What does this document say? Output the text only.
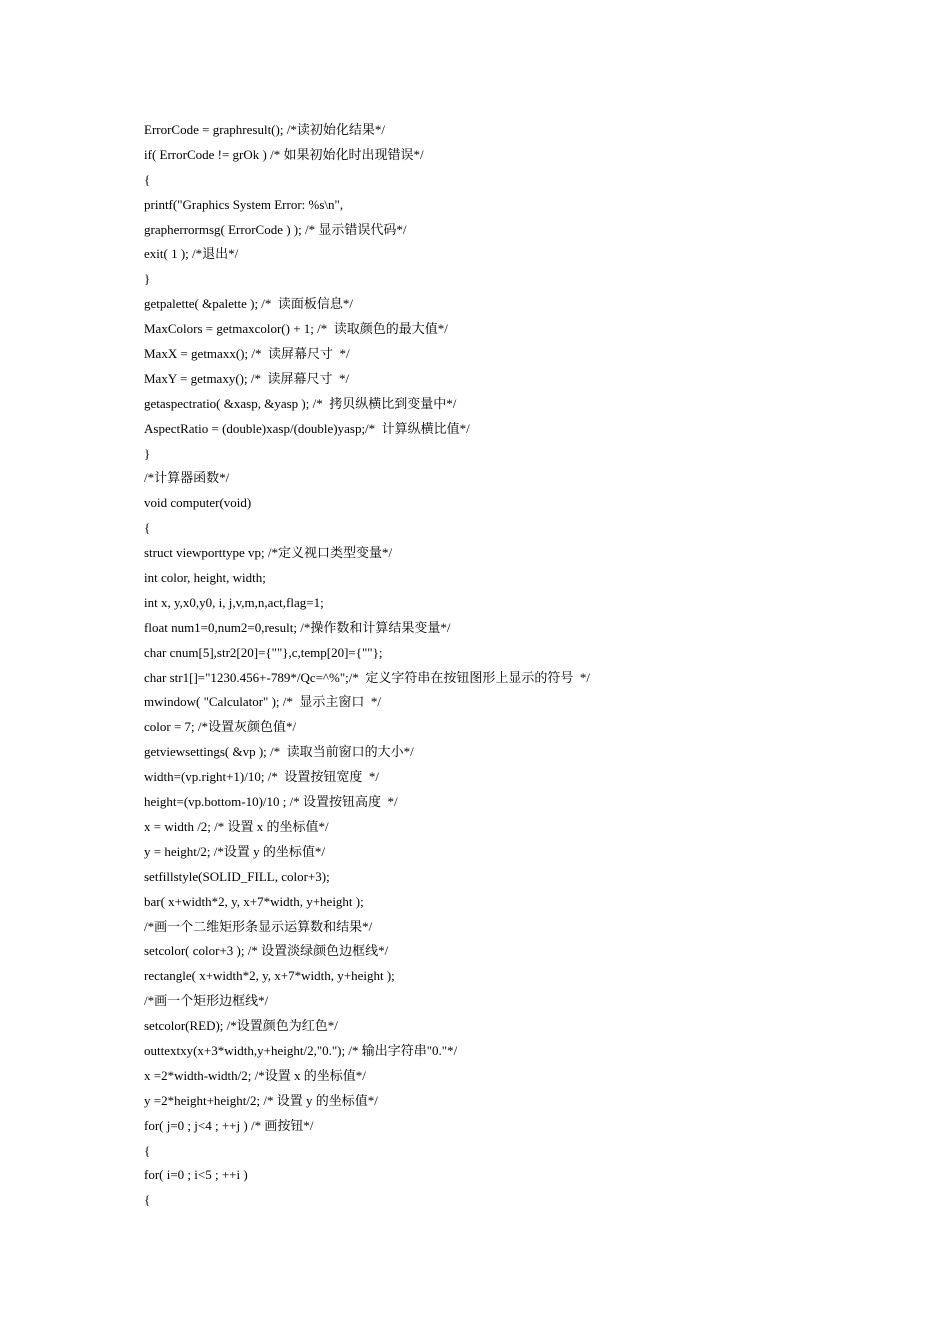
ErrorCode = graphresult(); /*读初始化结果*/
if( ErrorCode != grOk ) /* 如果初始化时出现错误*/
{
printf("Graphics System Error: %s\n",
grapherrormsg( ErrorCode ) ); /* 显示错误代码*/
exit( 1 ); /*退出*/
}
getpalette( &palette ); /*  读面板信息*/
MaxColors = getmaxcolor() + 1; /*  读取颜色的最大值*/
MaxX = getmaxx(); /*  读屏幕尺寸  */
MaxY = getmaxy(); /*  读屏幕尺寸  */
getaspectratio( &xasp, &yasp ); /*  拷贝纵横比到变量中*/
AspectRatio = (double)xasp/(double)yasp;/*  计算纵横比值*/
}
/*计算器函数*/
void computer(void)
{
struct viewporttype vp; /*定义视口类型变量*/
int color, height, width;
int x, y,x0,y0, i, j,v,m,n,act,flag=1;
float num1=0,num2=0,result; /*操作数和计算结果变量*/
char cnum[5],str2[20]={""},c,temp[20]={""};
char str1[]="1230.456+-789*/Qc=^%";/*  定义字符串在按钮图形上显示的符号  */
mwindow( "Calculator" ); /*  显示主窗口  */
color = 7; /*设置灰颜色值*/
getviewsettings( &vp ); /*  读取当前窗口的大小*/
width=(vp.right+1)/10; /*  设置按钮宽度  */
height=(vp.bottom-10)/10 ; /* 设置按钮高度  */
x = width /2; /* 设置 x 的坐标值*/
y = height/2; /*设置 y 的坐标值*/
setfillstyle(SOLID_FILL, color+3);
bar( x+width*2, y, x+7*width, y+height );
/*画一个二维矩形条显示运算数和结果*/
setcolor( color+3 ); /* 设置淡绿颜色边框线*/
rectangle( x+width*2, y, x+7*width, y+height );
/*画一个矩形边框线*/
setcolor(RED); /*设置颜色为红色*/
outtextxy(x+3*width,y+height/2,"0."); /* 输出字符串"0."*/
x =2*width-width/2; /*设置 x 的坐标值*/
y =2*height+height/2; /* 设置 y 的坐标值*/
for( j=0 ; j<4 ; ++j ) /* 画按钮*/
{
for( i=0 ; i<5 ; ++i )
{
